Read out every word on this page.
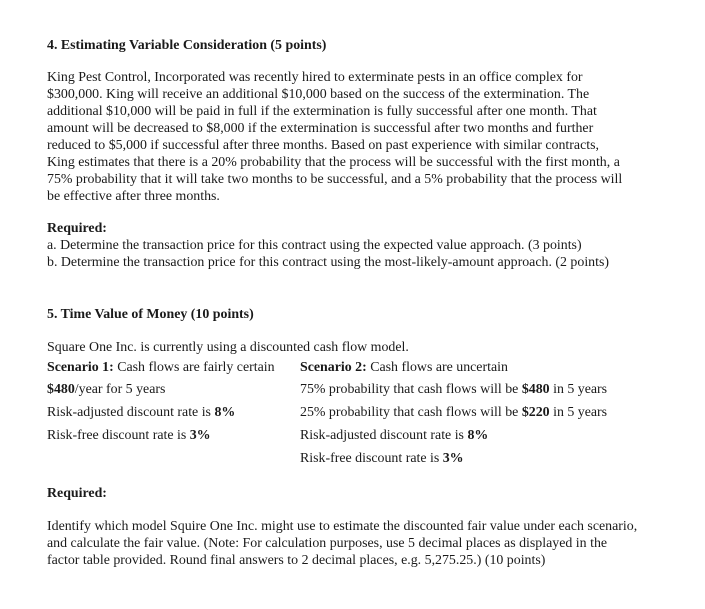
4. Estimating Variable Consideration (5 points)
King Pest Control, Incorporated was recently hired to exterminate pests in an office complex for
$300,000. King will receive an additional $10,000 based on the success of the extermination. The
additional $10,000 will be paid in full if the extermination is fully successful after one month. That
amount will be decreased to $8,000 if the extermination is successful after two months and further
reduced to $5,000 if successful after three months. Based on past experience with similar contracts,
King estimates that there is a 20% probability that the process will be successful with the first month, a
75% probability that it will take two months to be successful, and a 5% probability that the process will
be effective after three months.
Required:
a. Determine the transaction price for this contract using the expected value approach. (3 points)
b. Determine the transaction price for this contract using the most-likely-amount approach. (2 points)
5. Time Value of Money (10 points)
Square One Inc. is currently using a discounted cash flow model.
Scenario 1: Cash flows are fairly certain
$480/year for 5 years
Risk-adjusted discount rate is 8%
Risk-free discount rate is 3%
Scenario 2: Cash flows are uncertain
75% probability that cash flows will be $480 in 5 years
25% probability that cash flows will be $220 in 5 years
Risk-adjusted discount rate is 8%
Risk-free discount rate is 3%
Required:
Identify which model Squire One Inc. might use to estimate the discounted fair value under each scenario,
and calculate the fair value. (Note: For calculation purposes, use 5 decimal places as displayed in the
factor table provided. Round final answers to 2 decimal places, e.g. 5,275.25.) (10 points)
